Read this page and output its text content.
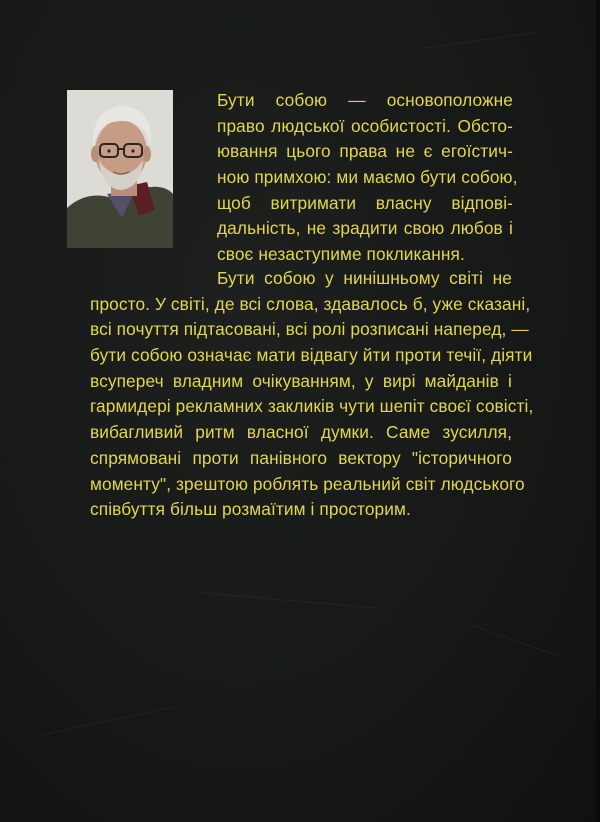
Бути собою — основоположне
право людської особистості. Обсто-
ювання цього права не є егоїстич-
ною примхою: ми маємо бути собою,
щоб витримати власну відпові-
дальність, не зрадити свою любов і
своє незаступиме покликання.
Бути собою у нинішньому світі не
просто. У світі, де всі слова, здавалось б, уже сказані,
всі почуття підтасовані, всі ролі розписані наперед, —
бути собою означає мати відвагу йти проти течії, діяти
всупереч владним очікуванням, у вирі майданів і
гармидері рекламних закликів чути шепіт своєї совісті,
вибагливий ритм власної думки. Саме зусилля,
спрямовані проти панівного вектору "історичного
моменту", зрештою роблять реальний світ людського
співбуття більш розмаїтим і просторим.
